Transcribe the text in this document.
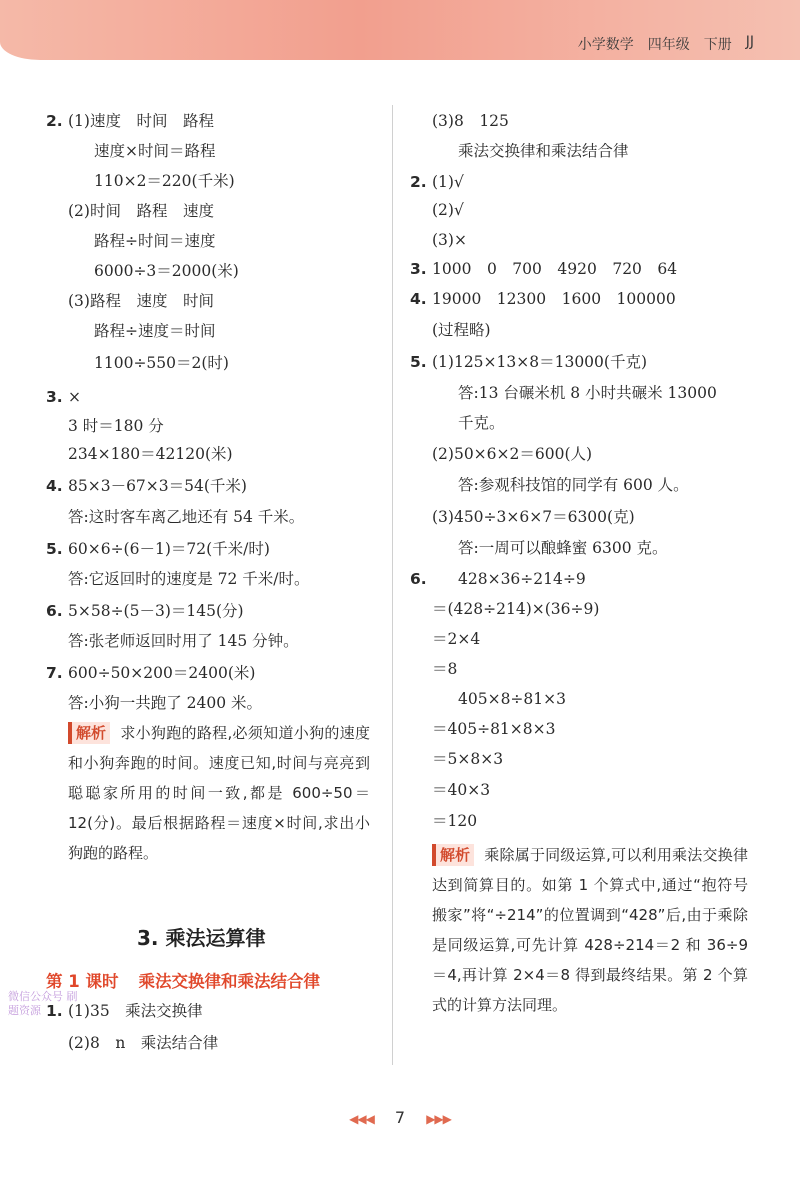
小学数学 四年级 下册 JJ
2. (1)速度　时间　路程
速度×时间＝路程
110×2＝220(千米)
(2)时间　路程　速度
路程÷时间＝速度
6000÷3＝2000(米)
(3)路程　速度　时间
路程÷速度＝时间
1100÷550＝2(时)
3. ×
3 时＝180 分
234×180＝42120(米)
4. 85×3－67×3＝54(千米)
答:这时客车离乙地还有 54 千米。
5. 60×6÷(6－1)＝72(千米/时)
答:它返回时的速度是 72 千米/时。
6. 5×58÷(5－3)＝145(分)
答:张老师返回时用了 145 分钟。
7. 600÷50×200＝2400(米)
答:小狗一共跑了 2400 米。
解析 求小狗跑的路程,必须知道小狗的速度和小狗奔跑的时间。速度已知,时间与亮亮到聪聪家所用的时间一致,都是 600÷50＝12(分)。最后根据路程＝速度×时间,求出小狗跑的路程。
1. (1)35　乘法交换律
(2)8　n　乘法结合律
3. 乘法运算律
第 1 课时 乘法交换律和乘法结合律
微信公众号 刷题资源
(3)8　125
乘法交换律和乘法结合律
2. (1)√
(2)√
(3)×
3. 1000　0　700　4920　720　64
4. 19000　12300　1600　100000
(过程略)
5. (1)125×13×8＝13000(千克)
答:13 台碾米机 8 小时共碾米 13000
千克。
(2)50×6×2＝600(人)
答:参观科技馆的同学有 600 人。
(3)450÷3×6×7＝6300(克)
答:一周可以酿蜂蜜 6300 克。
6. 428×36÷214÷9
＝(428÷214)×(36÷9)
＝2×4
＝8
405×8÷81×3
＝405÷81×8×3
＝5×8×3
＝40×3
＝120
解析 乘除属于同级运算,可以利用乘法交换律达到简算目的。如第 1 个算式中,通过“抱符号搬家”将“÷214”的位置调到“428”后,由于乘除是同级运算,可先计算 428÷214＝2 和 36÷9＝4,再计算 2×4＝8 得到最终结果。第 2 个算式的计算方法同理。
◀◀◀ 7 ▶▶▶
